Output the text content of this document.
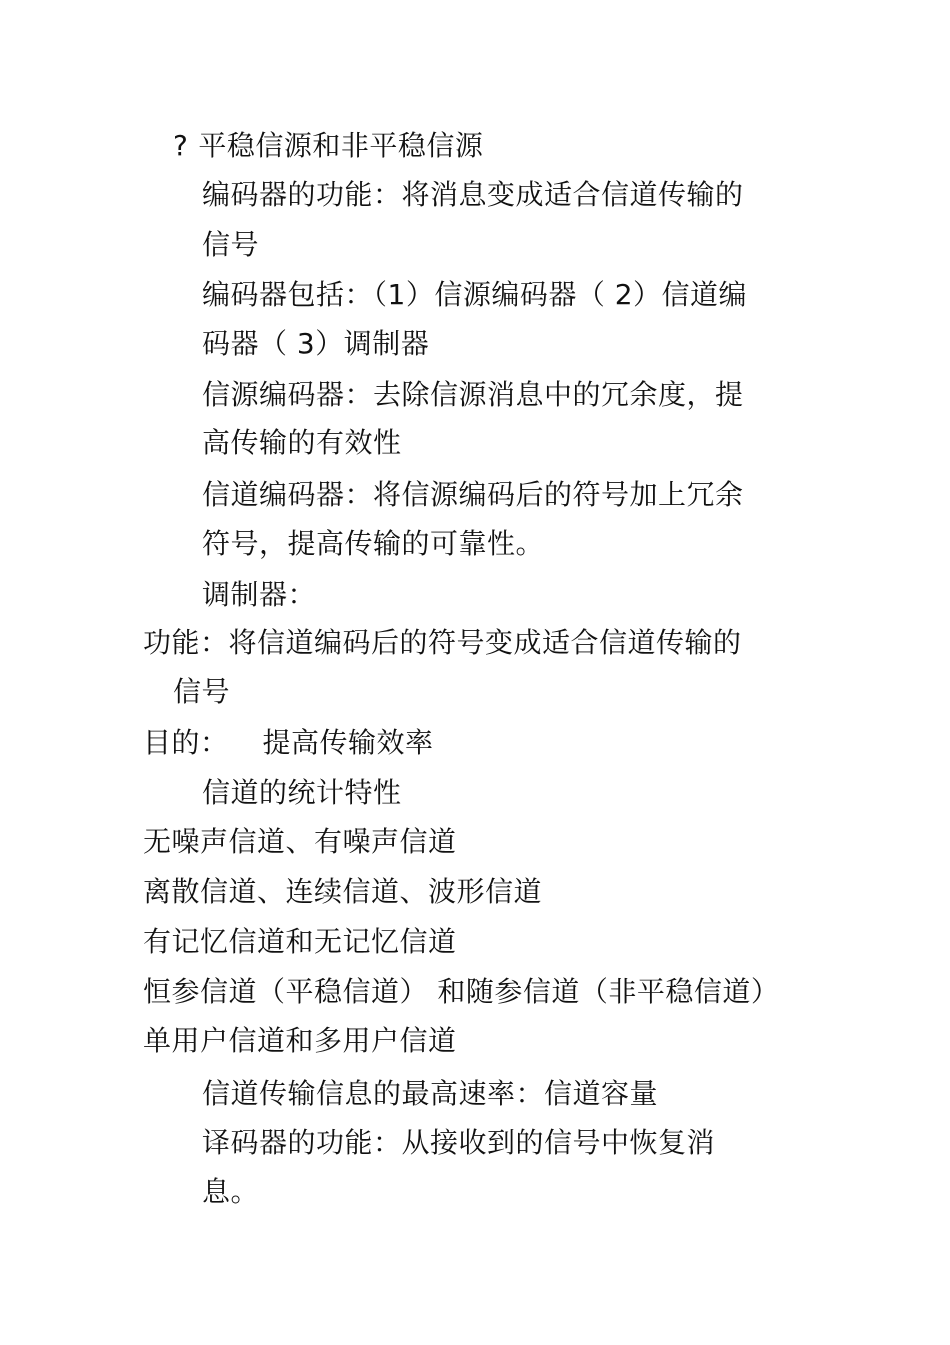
? 平稳信源和非平稳信源
编码器的功能：将消息变成适合信道传输的
信号
编码器包括：（1）信源编码器（ 2）信道编
码器（ 3）调制器
信源编码器：去除信源消息中的冗余度，提
高传输的有效性
信道编码器：将信源编码后的符号加上冗余
符号，提高传输的可靠性。
调制器：
功能：将信道编码后的符号变成适合信道传输的
信号
目的： 提高传输效率
信道的统计特性
无噪声信道、有噪声信道
离散信道、连续信道、波形信道
有记忆信道和无记忆信道
恒参信道（平稳信道） 和随参信道（非平稳信道）
单用户信道和多用户信道
信道传输信息的最高速率：信道容量
译码器的功能：从接收到的信号中恢复消
息。
